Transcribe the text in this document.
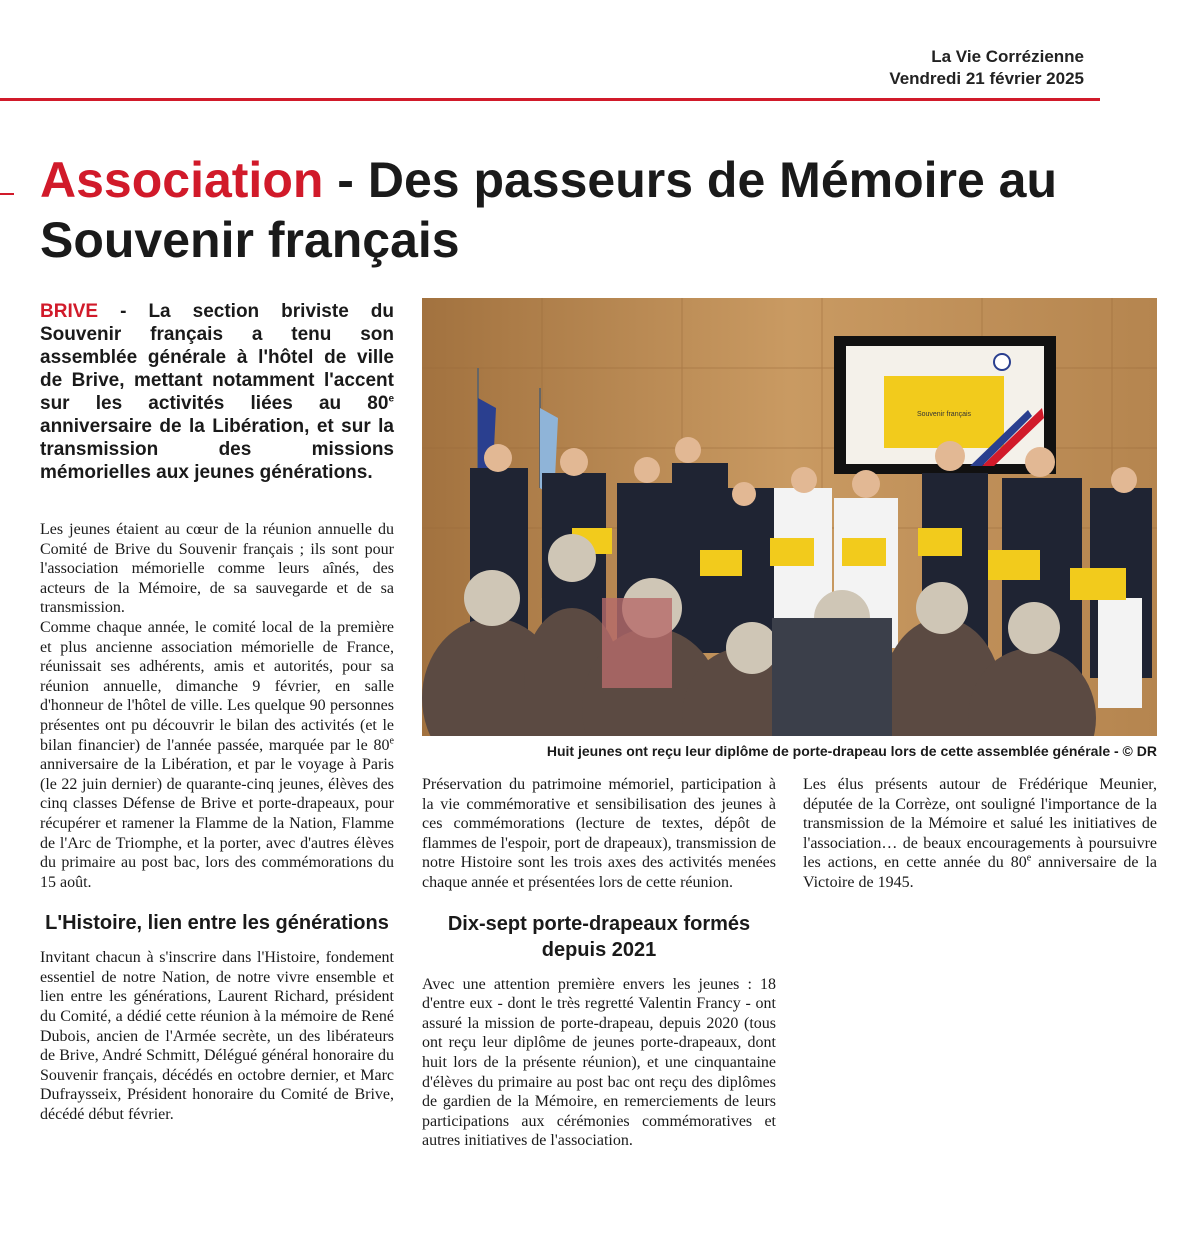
La Vie Corrézienne
Vendredi 21 février 2025
Association - Des passeurs de Mémoire au Souvenir français
BRIVE - La section briviste du Souvenir français a tenu son assemblée générale à l'hôtel de ville de Brive, mettant notamment l'accent sur les activités liées au 80e anniversaire de la Libération, et sur la transmission des missions mémorielles aux jeunes générations.
Souvenir français
Huit jeunes ont reçu leur diplôme de porte-drapeau lors de cette assemblée générale - © DR

Les jeunes étaient au cœur de la réunion annuelle du Comité de Brive du Souvenir français ; ils sont pour l'association mémorielle comme leurs aînés, des acteurs de la Mémoire, de sa sauvegarde et de sa transmission.

Comme chaque année, le comité local de la première et plus ancienne association mémorielle de France, réunissait ses adhérents, amis et autorités, pour sa réunion annuelle, dimanche 9 février, en salle d'honneur de l'hôtel de ville. Les quelque 90 personnes présentes ont pu découvrir le bilan des activités (et le bilan financier) de l'année passée, marquée par le 80e anniversaire de la Libération, et par le voyage à Paris (le 22 juin dernier) de quarante-cinq jeunes, élèves des cinq classes Défense de Brive et porte-drapeaux, pour récupérer et ramener la Flamme de la Nation, Flamme de l'Arc de Triomphe, et la porter, avec d'autres élèves du primaire au post bac, lors des commémorations du 15 août.

L'Histoire, lien entre les générations

Invitant chacun à s'inscrire dans l'Histoire, fondement essentiel de notre Nation, de notre vivre ensemble et lien entre les générations, Laurent Richard, président du Comité, a dédié cette réunion à la mémoire de René Dubois, ancien de l'Armée secrète, un des libérateurs de Brive, André Schmitt, Délégué général honoraire du Souvenir français, décédés en octobre dernier, et Marc Dufraysseix, Président honoraire du Comité de Brive, décédé début février.

Préservation du patrimoine mémoriel, participation à la vie commémorative et sensibilisation des jeunes à ces commémorations (lecture de textes, dépôt de flammes de l'espoir, port de drapeaux), transmission de notre Histoire sont les trois axes des activités menées chaque année et présentées lors de cette réunion.

Dix-sept porte-drapeaux formés depuis 2021

Avec une attention première envers les jeunes : 18 d'entre eux - dont le très regretté Valentin Francy - ont assuré la mission de porte-drapeau, depuis 2020 (tous ont reçu leur diplôme de jeunes porte-drapeaux, dont huit lors de la présente réunion), et une cinquantaine d'élèves du primaire au post bac ont reçu des diplômes de gardien de la Mémoire, en remerciements de leurs participations aux cérémonies commémoratives et autres initiatives de l'association.

Les élus présents autour de Frédérique Meunier, députée de la Corrèze, ont souligné l'importance de la transmission de la Mémoire et salué les initiatives de l'association… de beaux encouragements à poursuivre les actions, en cette année du 80e anniversaire de la Victoire de 1945.
